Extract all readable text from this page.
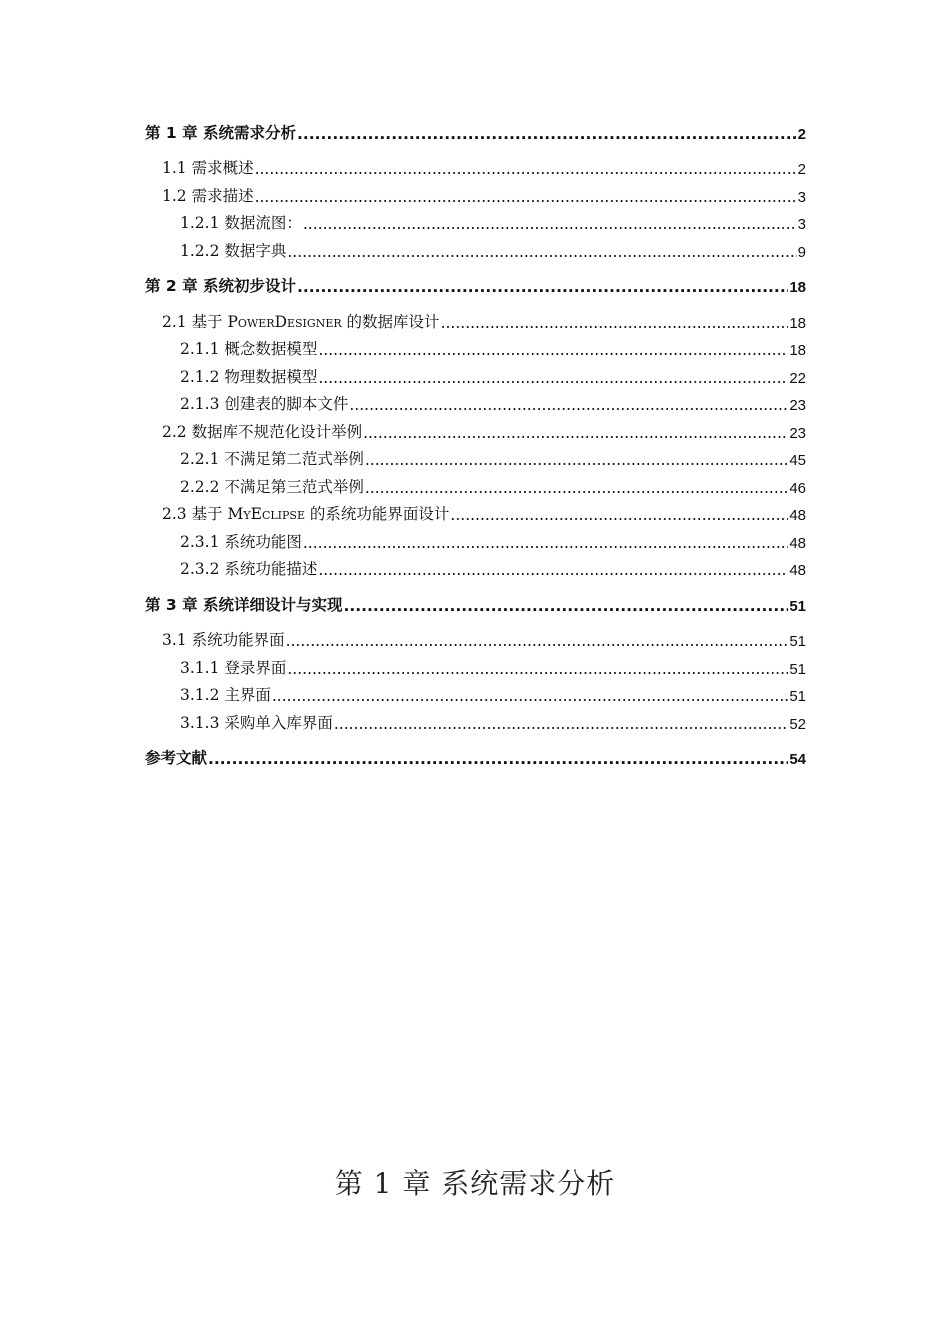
第 1 章 系统需求分析 .....	2
1.1 需求概述 .....	2
1.2 需求描述 .....	3
1.2.1 数据流图： .....	3
1.2.2 数据字典 .....	9
第 2 章 系统初步设计 .....	18
2.1 基于 PowerDesigner 的数据库设计 .....	18
2.1.1 概念数据模型 .....	18
2.1.2 物理数据模型 .....	22
2.1.3 创建表的脚本文件 .....	23
2.2 数据库不规范化设计举例 .....	23
2.2.1 不满足第二范式举例 .....	45
2.2.2 不满足第三范式举例 .....	46
2.3 基于 MyEclipse 的系统功能界面设计 .....	48
2.3.1 系统功能图 .....	48
2.3.2 系统功能描述 .....	48
第 3 章 系统详细设计与实现 .....	51
3.1 系统功能界面 .....	51
3.1.1 登录界面 .....	51
3.1.2 主界面 .....	51
3.1.3 采购单入库界面 .....	52
参考文献 .....	54
第 1 章 系统需求分析
